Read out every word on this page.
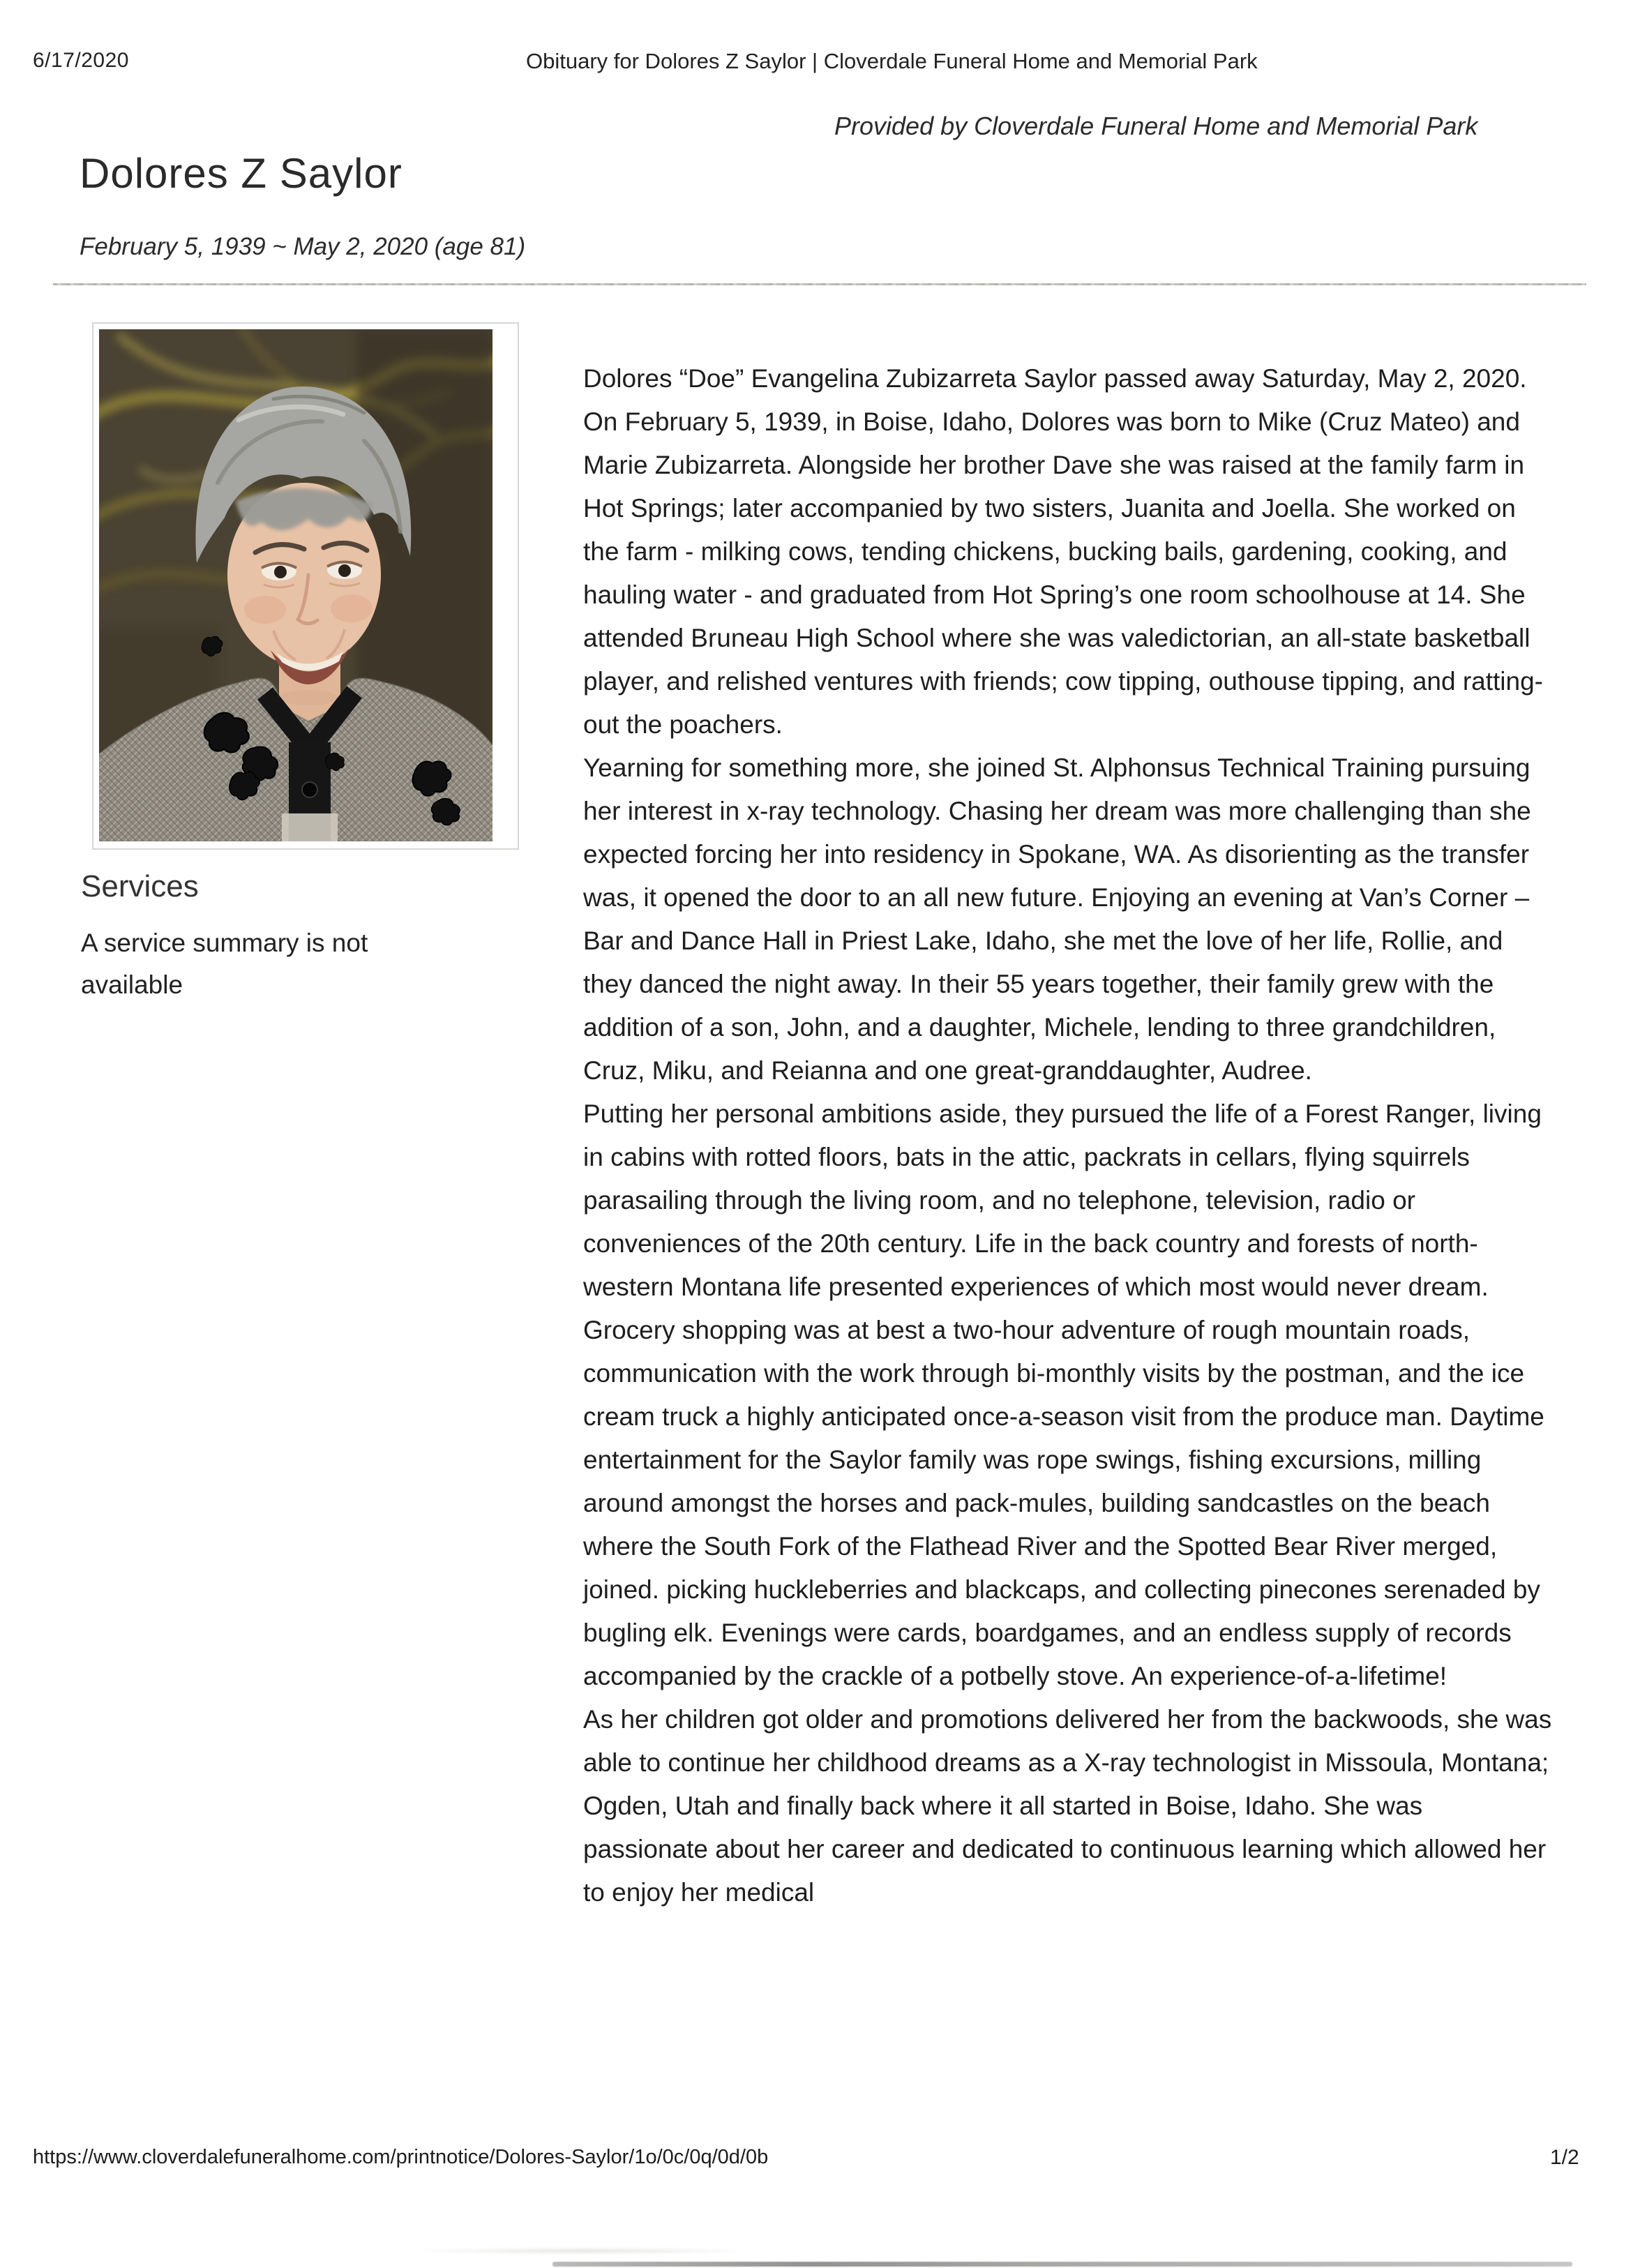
6/17/2020	Obituary for Dolores Z Saylor | Cloverdale Funeral Home and Memorial Park
Provided by Cloverdale Funeral Home and Memorial Park
Dolores Z Saylor
February 5, 1939 ~ May 2, 2020 (age 81)
Services
A service summary is not available

Dolores “Doe” Evangelina Zubizarreta Saylor passed away Saturday, May 2, 2020.

On February 5, 1939, in Boise, Idaho, Dolores was born to Mike (Cruz Mateo) and Marie Zubizarreta. Alongside her brother Dave she was raised at the family farm in Hot Springs; later accompanied by two sisters, Juanita and Joella. She worked on the farm - milking cows, tending chickens, bucking bails, gardening, cooking, and hauling water - and graduated from Hot Spring’s one room schoolhouse at 14. She attended Bruneau High School where she was valedictorian, an all-state basketball player, and relished ventures with friends; cow tipping, outhouse tipping, and ratting-out the poachers.

Yearning for something more, she joined St. Alphonsus Technical Training pursuing her interest in x-ray technology. Chasing her dream was more challenging than she expected forcing her into residency in Spokane, WA. As disorienting as the transfer was, it opened the door to an all new future. Enjoying an evening at Van’s Corner – Bar and Dance Hall in Priest Lake, Idaho, she met the love of her life, Rollie, and they danced the night away. In their 55 years together, their family grew with the addition of a son, John, and a daughter, Michele, lending to three grandchildren, Cruz, Miku, and Reianna and one great-granddaughter, Audree.

Putting her personal ambitions aside, they pursued the life of a Forest Ranger, living in cabins with rotted floors, bats in the attic, packrats in cellars, flying squirrels parasailing through the living room, and no telephone, television, radio or conveniences of the 20th century. Life in the back country and forests of north-western Montana life presented experiences of which most would never dream. Grocery shopping was at best a two-hour adventure of rough mountain roads, communication with the work through bi-monthly visits by the postman, and the ice cream truck a highly anticipated once-a-season visit from the produce man. Daytime entertainment for the Saylor family was rope swings, fishing excursions, milling around amongst the horses and pack-mules, building sandcastles on the beach where the South Fork of the Flathead River and the Spotted Bear River merged, joined. picking huckleberries and blackcaps, and collecting pinecones serenaded by bugling elk. Evenings were cards, boardgames, and an endless supply of records accompanied by the crackle of a potbelly stove. An experience-of-a-lifetime!

As her children got older and promotions delivered her from the backwoods, she was able to continue her childhood dreams as a X-ray technologist in Missoula, Montana; Ogden, Utah and finally back where it all started in Boise, Idaho. She was passionate about her career and dedicated to continuous learning which allowed her to enjoy her medical

https://www.cloverdalefuneralhome.com/printnotice/Dolores-Saylor/1o/0c/0q/0d/0b	1/2
